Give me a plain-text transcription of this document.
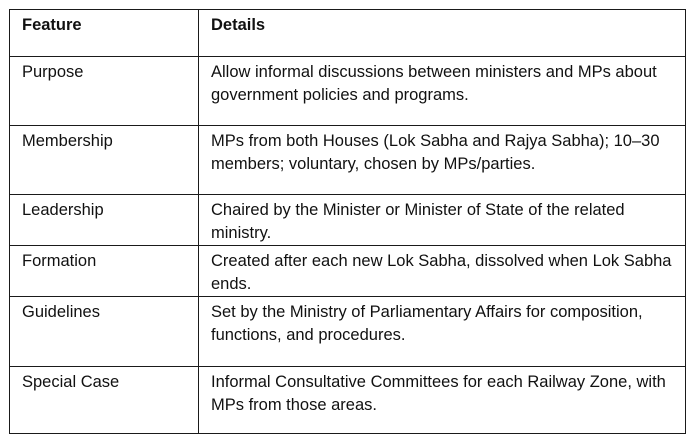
Feature	Details
Purpose	Allow informal discussions between ministers and MPs about government policies and programs.
Membership	MPs from both Houses (Lok Sabha and Rajya Sabha); 10–30 members; voluntary, chosen by MPs/parties.
Leadership	Chaired by the Minister or Minister of State of the related ministry.
Formation	Created after each new Lok Sabha, dissolved when Lok Sabha ends.
Guidelines	Set by the Ministry of Parliamentary Affairs for composition, functions, and procedures.
Special Case	Informal Consultative Committees for each Railway Zone, with MPs from those areas.
